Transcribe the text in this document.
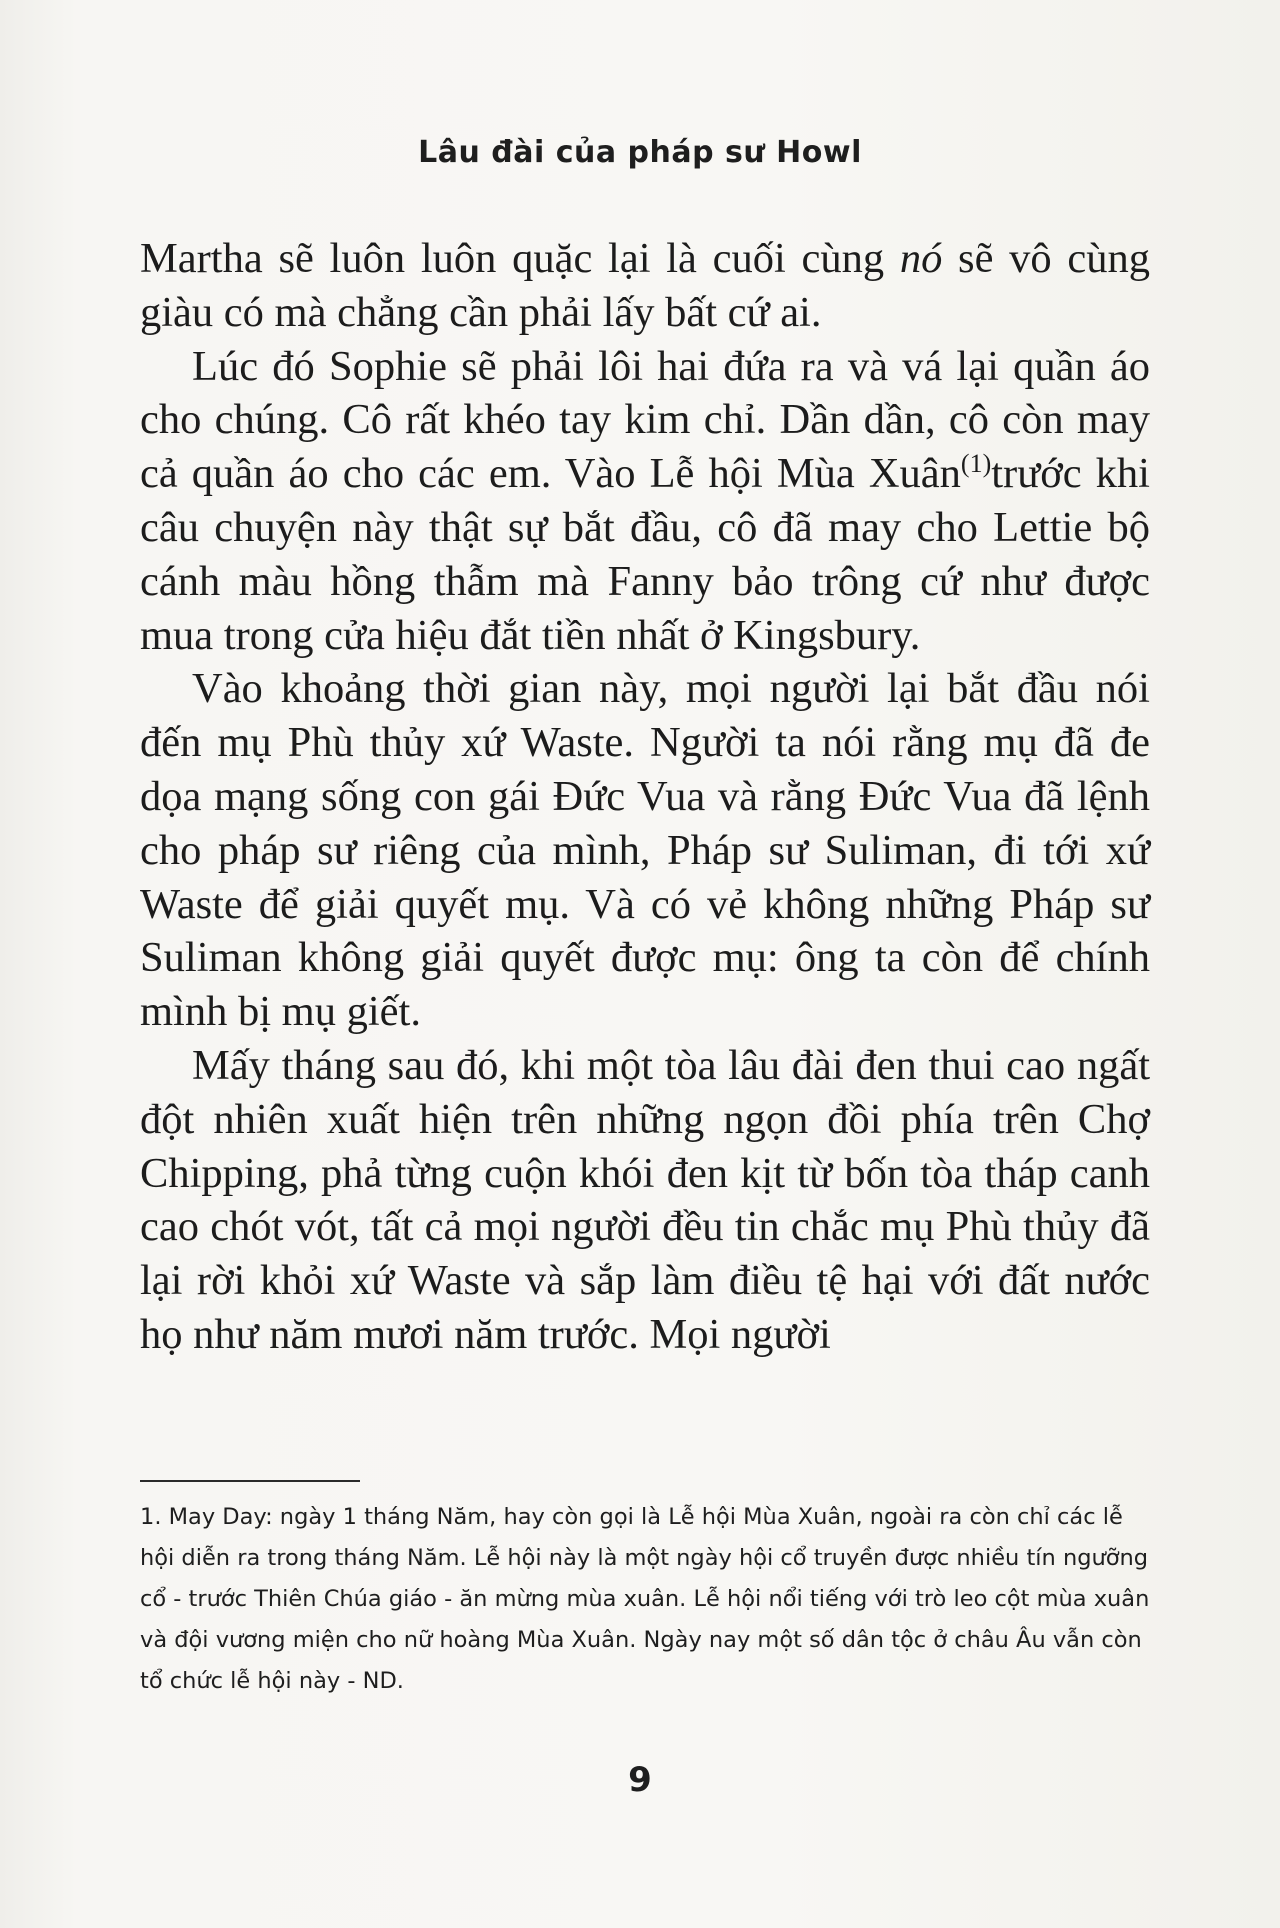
Lâu đài của pháp sư Howl

Martha sẽ luôn luôn quặc lại là cuối cùng nó sẽ vô cùng giàu có mà chẳng cần phải lấy bất cứ ai.

Lúc đó Sophie sẽ phải lôi hai đứa ra và vá lại quần áo cho chúng. Cô rất khéo tay kim chỉ. Dần dần, cô còn may cả quần áo cho các em. Vào Lễ hội Mùa Xuân$^{(1)}$trước khi câu chuyện này thật sự bắt đầu, cô đã may cho Lettie bộ cánh màu hồng thẫm mà Fanny bảo trông cứ như được mua trong cửa hiệu đắt tiền nhất ở Kingsbury.

Vào khoảng thời gian này, mọi người lại bắt đầu nói đến mụ Phù thủy xứ Waste. Người ta nói rằng mụ đã đe dọa mạng sống con gái Đức Vua và rằng Đức Vua đã lệnh cho pháp sư riêng của mình, Pháp sư Suliman, đi tới xứ Waste để giải quyết mụ. Và có vẻ không những Pháp sư Suliman không giải quyết được mụ: ông ta còn để chính mình bị mụ giết.

Mấy tháng sau đó, khi một tòa lâu đài đen thui cao ngất đột nhiên xuất hiện trên những ngọn đồi phía trên Chợ Chipping, phả từng cuộn khói đen kịt từ bốn tòa tháp canh cao chót vót, tất cả mọi người đều tin chắc mụ Phù thủy đã lại rời khỏi xứ Waste và sắp làm điều tệ hại với đất nước họ như năm mươi năm trước. Mọi người

1. May Day: ngày 1 tháng Năm, hay còn gọi là Lễ hội Mùa Xuân, ngoài ra còn chỉ các lễ hội diễn ra trong tháng Năm. Lễ hội này là một ngày hội cổ truyền được nhiều tín ngưỡng cổ - trước Thiên Chúa giáo - ăn mừng mùa xuân. Lễ hội nổi tiếng với trò leo cột mùa xuân và đội vương miện cho nữ hoàng Mùa Xuân. Ngày nay một số dân tộc ở châu Âu vẫn còn tổ chức lễ hội này - ND.

9
